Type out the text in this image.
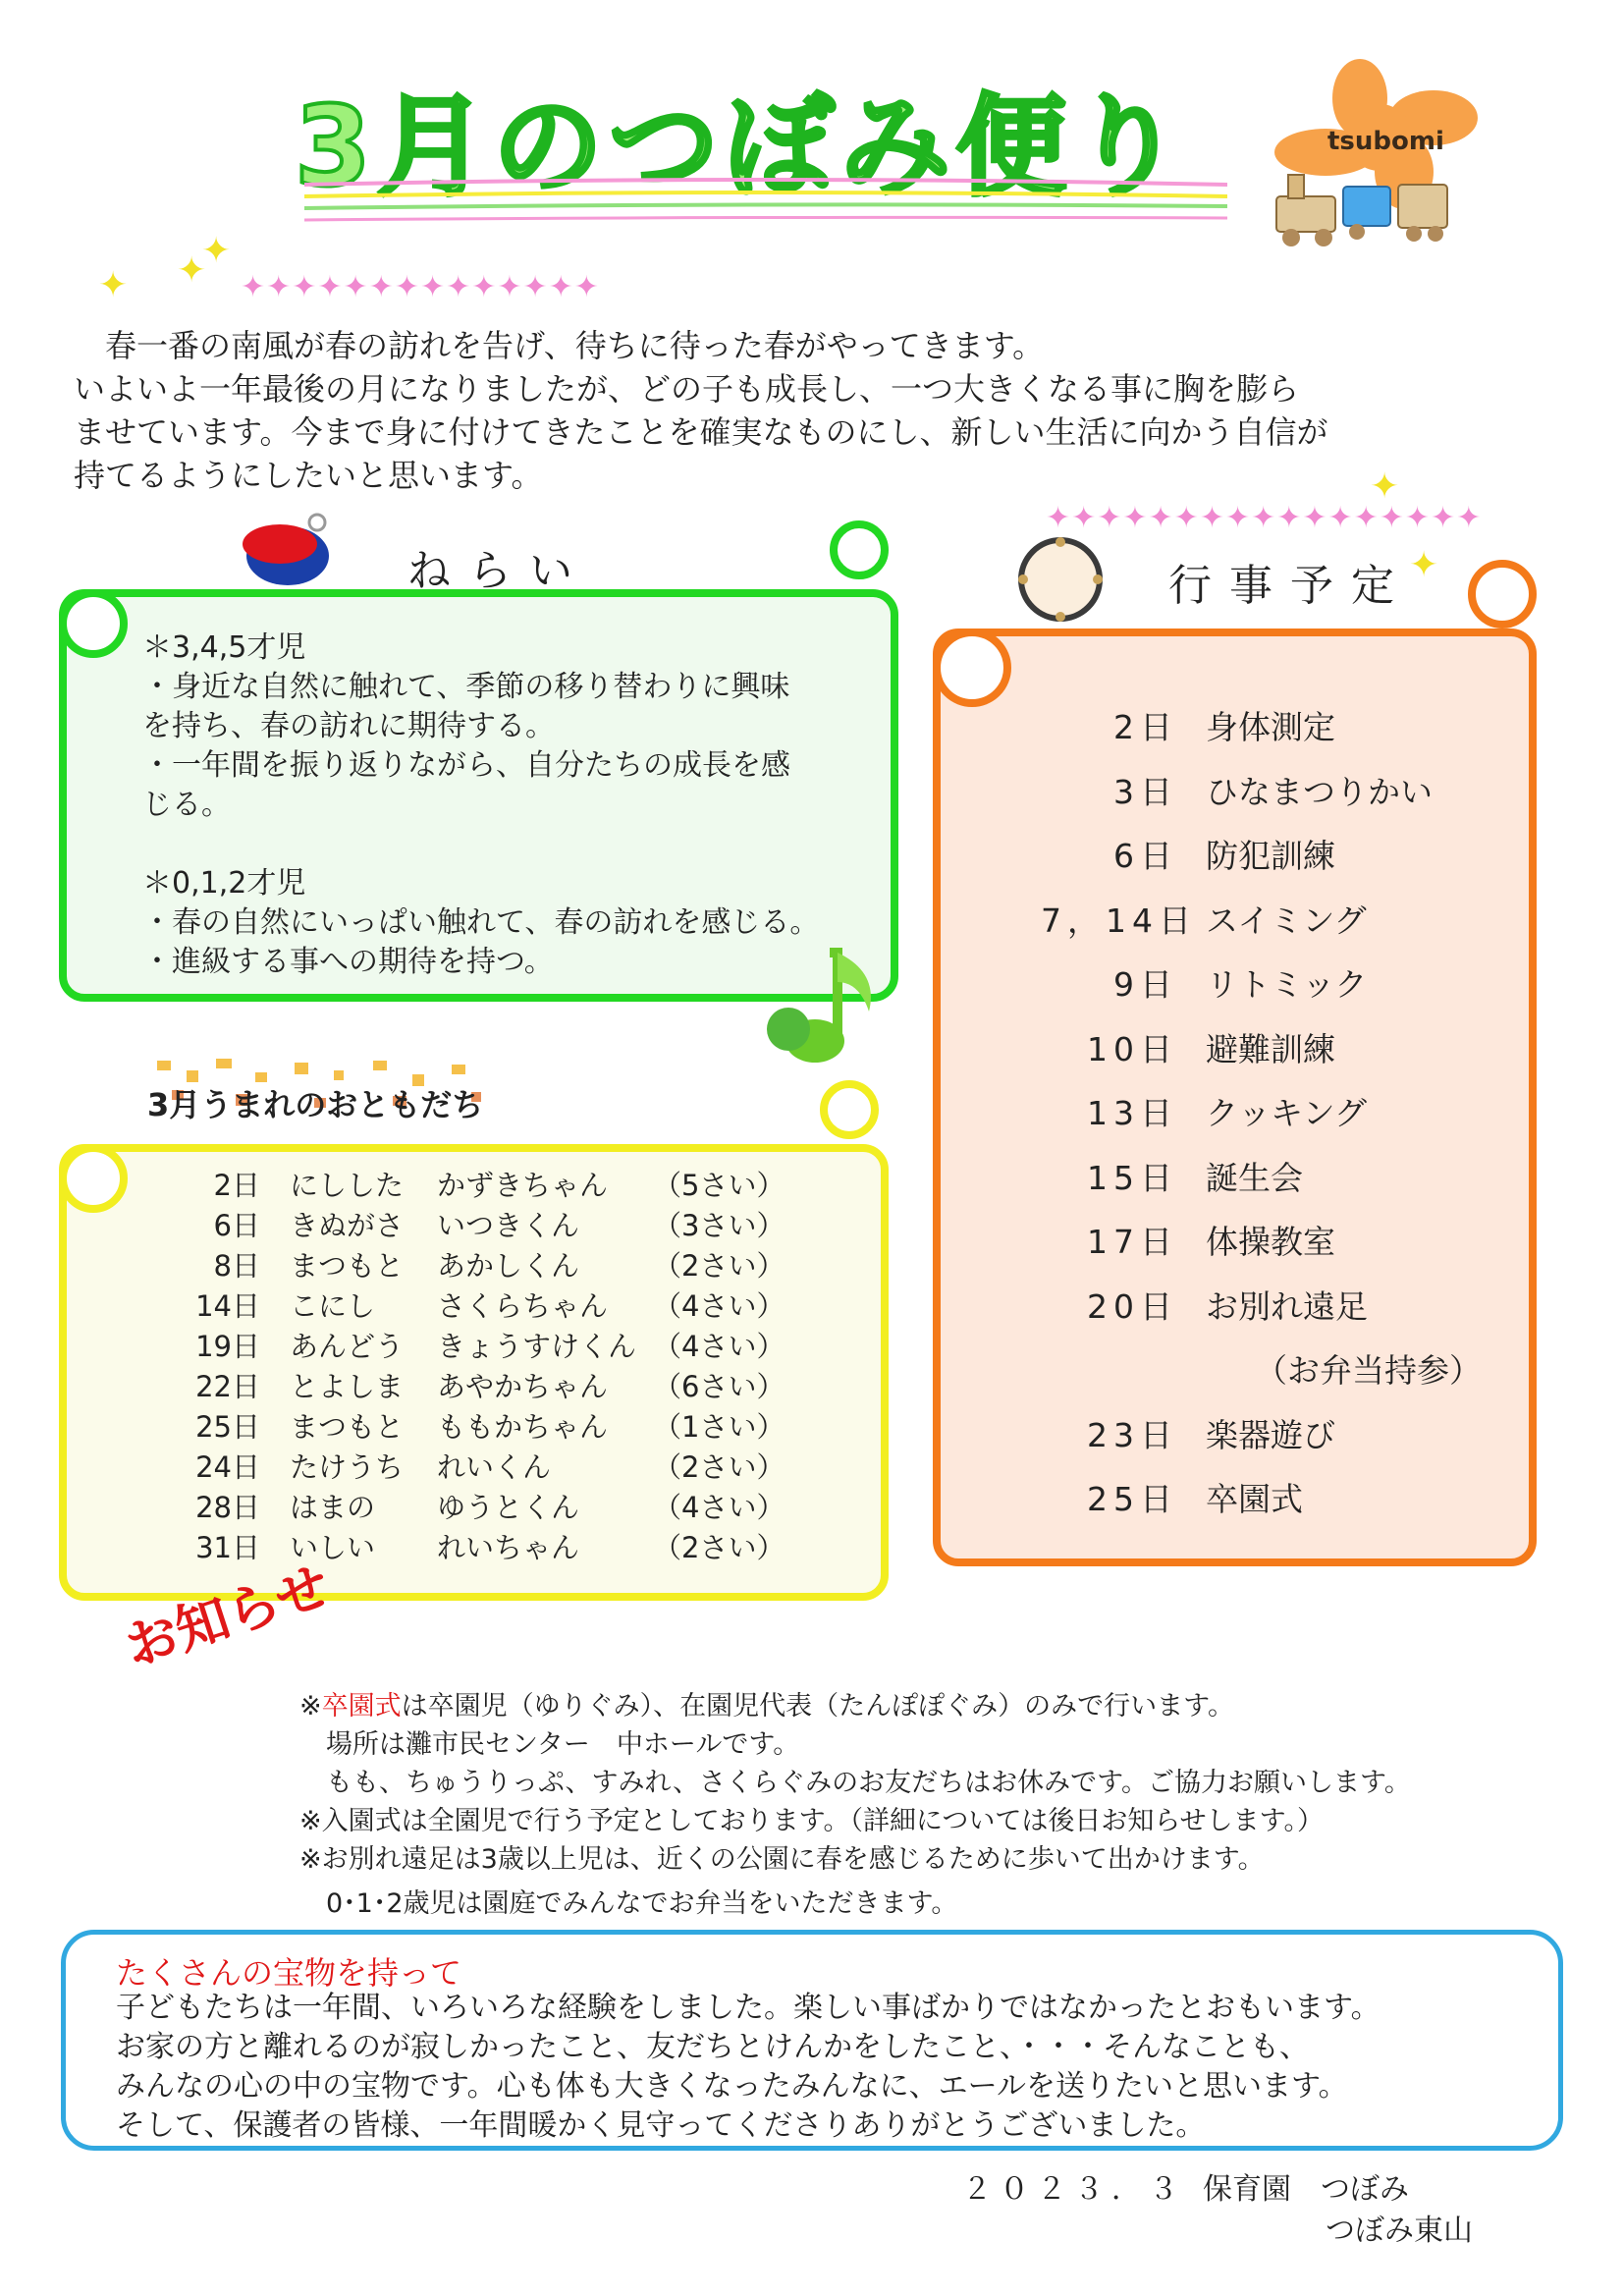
3月のつぼみ便り	tsubomi
✦ ✦
✦
✦✦✦✦✦✦✦✦✦✦✦✦✦✦

　春一番の南風が春の訪れを告げ、待ちに待った春がやってきます。

いよいよ一年最後の月になりましたが、どの子も成長し、一つ大きくなる事に胸を膨ら

ませています。今まで身に付けてきたことを確実なものにし、新しい生活に向かう自信が

持てるようにしたいと思います。	✦
✦✦✦✦✦✦✦✦✦✦✦✦✦✦✦✦✦
ねらい

＊3,4,5才児

・身近な自然に触れて、季節の移り替わりに興味

を持ち、春の訪れに期待する。

・一年間を振り返りながら、自分たちの成長を感

じる。

＊0,1,2才児

・春の自然にいっぱい触れて、春の訪れを感じる。

・進級する事への期待を持つ。

3月うまれのおともだち
2日	にしした	かずきちゃん	（5さい）
6日	きぬがさ	いつきくん	（3さい）
8日	まつもと	あかしくん	（2さい）
14日	こにし	さくらちゃん	（4さい）
19日	あんどう	きょうすけくん	（4さい）
22日	とよしま	あやかちゃん	（6さい）
25日	まつもと	ももかちゃん	（1さい）
24日	たけうち	れいくん	（2さい）
28日	はまの	ゆうとくん	（4さい）
31日	いしい	れいちゃん	（2さい）
✦
行事予定
2日 身体測定
3日 ひなまつりかい
6日 防犯訓練
7，14日 スイミング
9日 リトミック
10日 避難訓練
13日 クッキング
15日 誕生会
17日 体操教室
20日 お別れ遠足
（お弁当持参）
23日 楽器遊び
25日 卒園式
お知らせ

※卒園式は卒園児（ゆりぐみ）、在園児代表（たんぽぽぐみ）のみで行います。

　場所は灘市民センター　中ホールです。

　もも、ちゅうりっぷ、すみれ、さくらぐみのお友だちはお休みです。ご協力お願いします。

※入園式は全園児で行う予定としております。（詳細については後日お知らせします。）

※お別れ遠足は3歳以上児は、近くの公園に春を感じるために歩いて出かけます。

　0･1･2歳児は園庭でみんなでお弁当をいただきます。

たくさんの宝物を持って

子どもたちは一年間、いろいろな経験をしました。楽しい事ばかりではなかったとおもいます。

お家の方と離れるのが寂しかったこと、友だちとけんかをしたこと、・・・そんなことも、

みんなの心の中の宝物です。心も体も大きくなったみんなに、エールを送りたいと思います。

そして、保護者の皆様、一年間暖かく見守ってくださりありがとうございました。

２０２３．３ 保育園　つぼみ
つぼみ東山
